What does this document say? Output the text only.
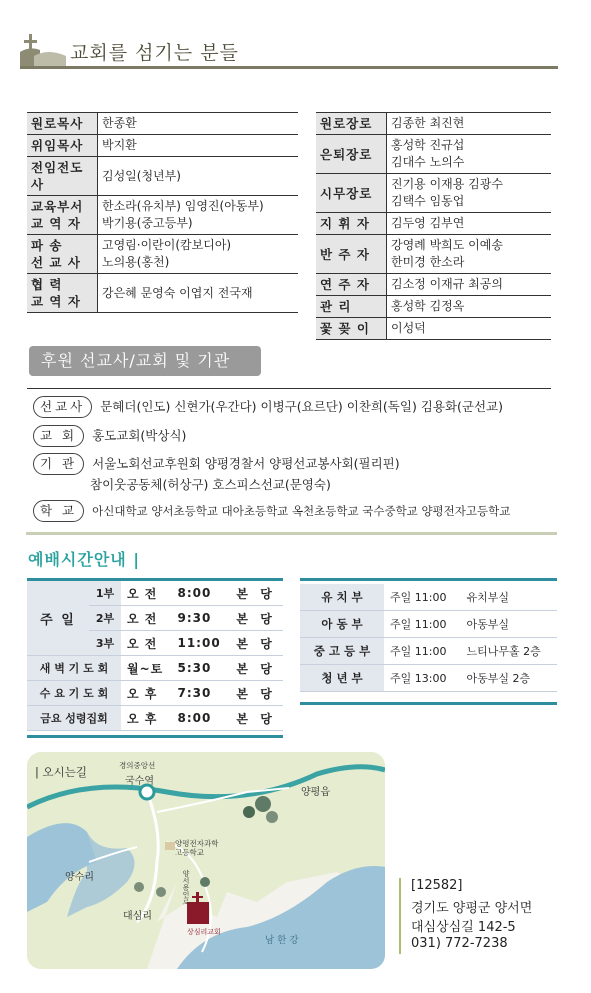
교회를 섬기는 분들
원로목사	한종환
위임목사	박지환
전임전도사	김성일(청년부)
교육부서
교 역 자	한소라(유치부) 임영진(아동부)
박기용(중고등부)
파 송
선 교 사	고영림·이란이(캄보디아)
노의용(홍천)
협 력
교 역 자	강은혜 문영숙 이엽지 전국재
원로장로	김종한 최진현
은퇴장로	홍성학 진규섭
김대수 노의수
시무장로	진기용 이재용 김광수
김택수 임동업
지 휘 자	김두영 김부연
반 주 자	강영례 박희도 이예송
한미경 한소라
연 주 자	김소정 이재규 최공의
관 리	홍성학 김정옥
꽃 꽂 이	이성덕
후원 선교사/교회 및 기관
선교사 문혜더(인도) 신현가(우간다) 이병구(요르단) 이찬희(독일) 김용화(군선교)
교 회 홍도교회(박상식)
기 관 서울노회선교후원회 양평경찰서 양평선교봉사회(필리핀)
참이웃공동체(허상구) 호스피스선교(문영숙)
학 교 아신대학교 양서초등학교 대아초등학교 옥천초등학교 국수중학교 양평전자고등학교
예배시간안내 |
주 일	1부	오 전	8:00	본 당
	2부	오 전	9:30	본 당
	3부	오 전	11:00	본 당
새 벽 기 도 회		월~토	5:30	본 당
수 요 기 도 회		오 후	7:30	본 당
금요 성령집회		오 후	8:00	본 당
유 치 부	주일 11:00	유치부실
아 동 부	주일 11:00	아동부실
중 고 등 부	주일 11:00	느티나무홀 2층
청 년 부	주일 13:00	아동부실 2층
| 오시는길	경의중앙선
국수역
양평읍
양평전자과학
고등학교
양서용인로
양수리
대심리
상심리교회
남 한 강
[12582]
경기도 양평군 양서면
대심상심길 142-5
031) 772-7238
